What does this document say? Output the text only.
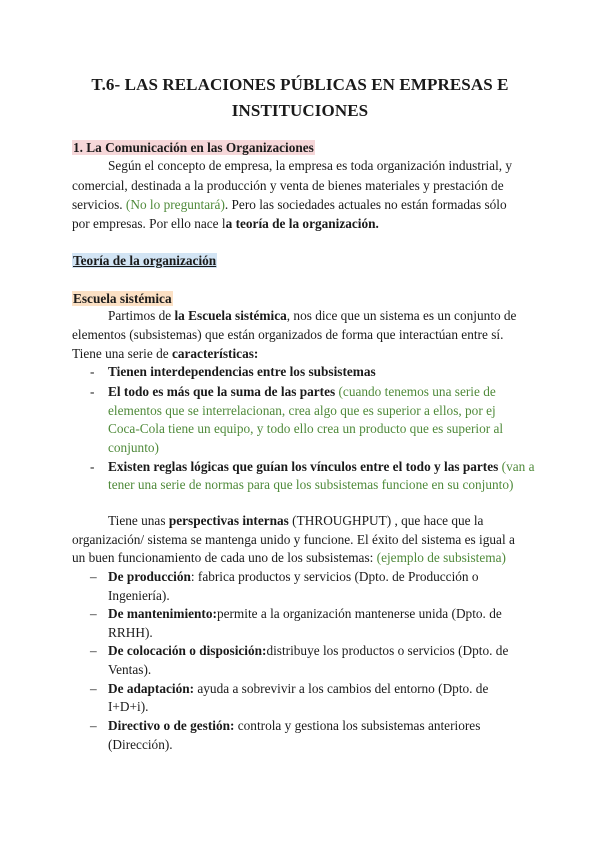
T.6- LAS RELACIONES PÚBLICAS EN EMPRESAS E
INSTITUCIONES
1. La Comunicación en las Organizaciones
Según el concepto de empresa, la empresa es toda organización industrial, y
comercial, destinada a la producción y venta de bienes materiales y prestación de
servicios. (No lo preguntará). Pero las sociedades actuales no están formadas sólo
por empresas. Por ello nace la teoría de la organización.
Teoría de la organización
Escuela sistémica
Partimos de la Escuela sistémica, nos dice que un sistema es un conjunto de
elementos (subsistemas) que están organizados de forma que interactúan entre sí.
Tiene una serie de características:
- Tienen interdependencias entre los subsistemas
- El todo es más que la suma de las partes (cuando tenemos una serie de
elementos que se interrelacionan, crea algo que es superior a ellos, por ej
Coca-Cola tiene un equipo, y todo ello crea un producto que es superior al
conjunto)
- Existen reglas lógicas que guían los vínculos entre el todo y las partes (van a
tener una serie de normas para que los subsistemas funcione en su conjunto)
Tiene unas perspectivas internas (THROUGHPUT) , que hace que la
organización/ sistema se mantenga unido y funcione. El éxito del sistema es igual a
un buen funcionamiento de cada uno de los subsistemas: (ejemplo de subsistema)
– De producción: fabrica productos y servicios (Dpto. de Producción o
Ingeniería).
– De mantenimiento:permite a la organización mantenerse unida (Dpto. de
RRHH).
– De colocación o disposición:distribuye los productos o servicios (Dpto. de
Ventas).
– De adaptación: ayuda a sobrevivir a los cambios del entorno (Dpto. de
I+D+i).
– Directivo o de gestión: controla y gestiona los subsistemas anteriores
(Dirección).
